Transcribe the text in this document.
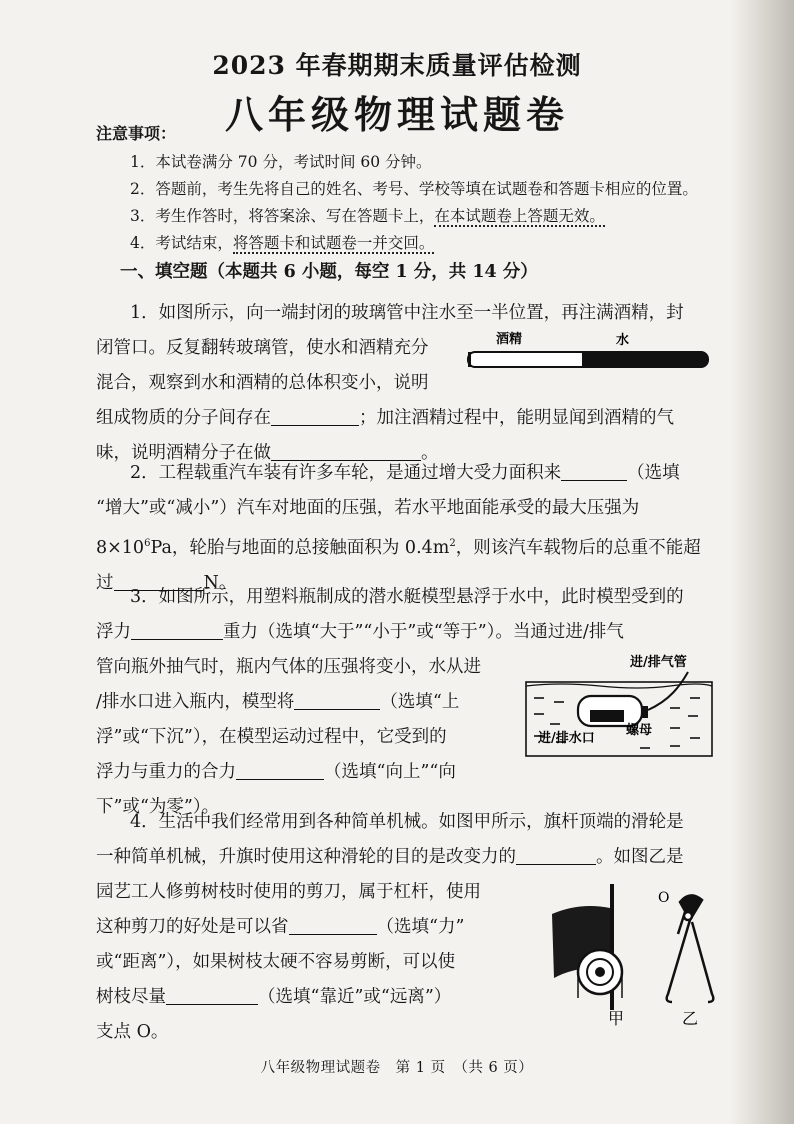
2023 年春期期末质量评估检测
八年级物理试题卷
注意事项：
1．本试卷满分 70 分，考试时间 60 分钟。
2．答题前，考生先将自己的姓名、考号、学校等填在试题卷和答题卡相应的位置。
3．考生作答时，将答案涂、写在答题卡上，在本试题卷上答题无效。
4．考试结束，将答题卡和试题卷一并交回。
一、填空题（本题共 6 小题，每空 1 分，共 14 分）
1．如图所示，向一端封闭的玻璃管中注水至一半位置，再注满酒精，封
闭管口。反复翻转玻璃管，使水和酒精充分
混合，观察到水和酒精的总体积变小，说明
组成物质的分子间存在	；加注酒精过程中，能明显闻到酒精的气
味，说明酒精分子在做	。
酒精	水
2．工程载重汽车装有许多车轮，是通过增大受力面积来	（选填
“增大”或“减小”）汽车对地面的压强，若水平地面能承受的最大压强为
$8\times 10^6Pa$，轮胎与地面的总接触面积为 $0.4m^2$，则该汽车载物后的总重不能超
过	N。
3．如图所示，用塑料瓶制成的潜水艇模型悬浮于水中，此时模型受到的
浮力	重力（选填“大于”“小于”或“等于”）。当通过进/排气
管向瓶外抽气时，瓶内气体的压强将变小，水从进
/排水口进入瓶内，模型将	（选填“上
浮”或“下沉”），在模型运动过程中，它受到的
浮力与重力的合力	（选填“向上”“向
下”或“为零”）。
进/排气管
螺母
进/排水口
4．生活中我们经常用到各种简单机械。如图甲所示，旗杆顶端的滑轮是
一种简单机械，升旗时使用这种滑轮的目的是改变力的	。如图乙是
园艺工人修剪树枝时使用的剪刀，属于杠杆，使用
这种剪刀的好处是可以省	（选填“力”
或“距离”），如果树枝太硬不容易剪断，可以使
树枝尽量	（选填“靠近”或“远离”）
支点 O。
甲
O
乙
八年级物理试题卷　第 1 页　（共 6 页）
